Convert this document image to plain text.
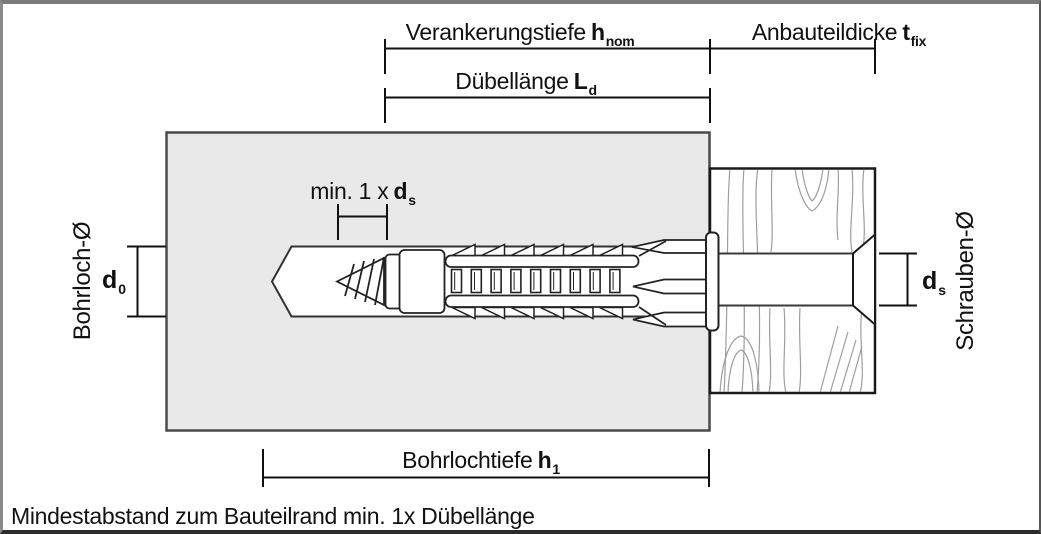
Verankerungstiefe $h_{nom}$	Anbauteildicke $t_{fix}$
Dübellänge $L_d$
min. 1 x $d_s$
Bohrlochtiefe $h_1$
Bohrloch-Ø $d_0$	Schrauben-Ø
$d_s$
Mindestabstand zum Bauteilrand min. 1x Dübellänge
